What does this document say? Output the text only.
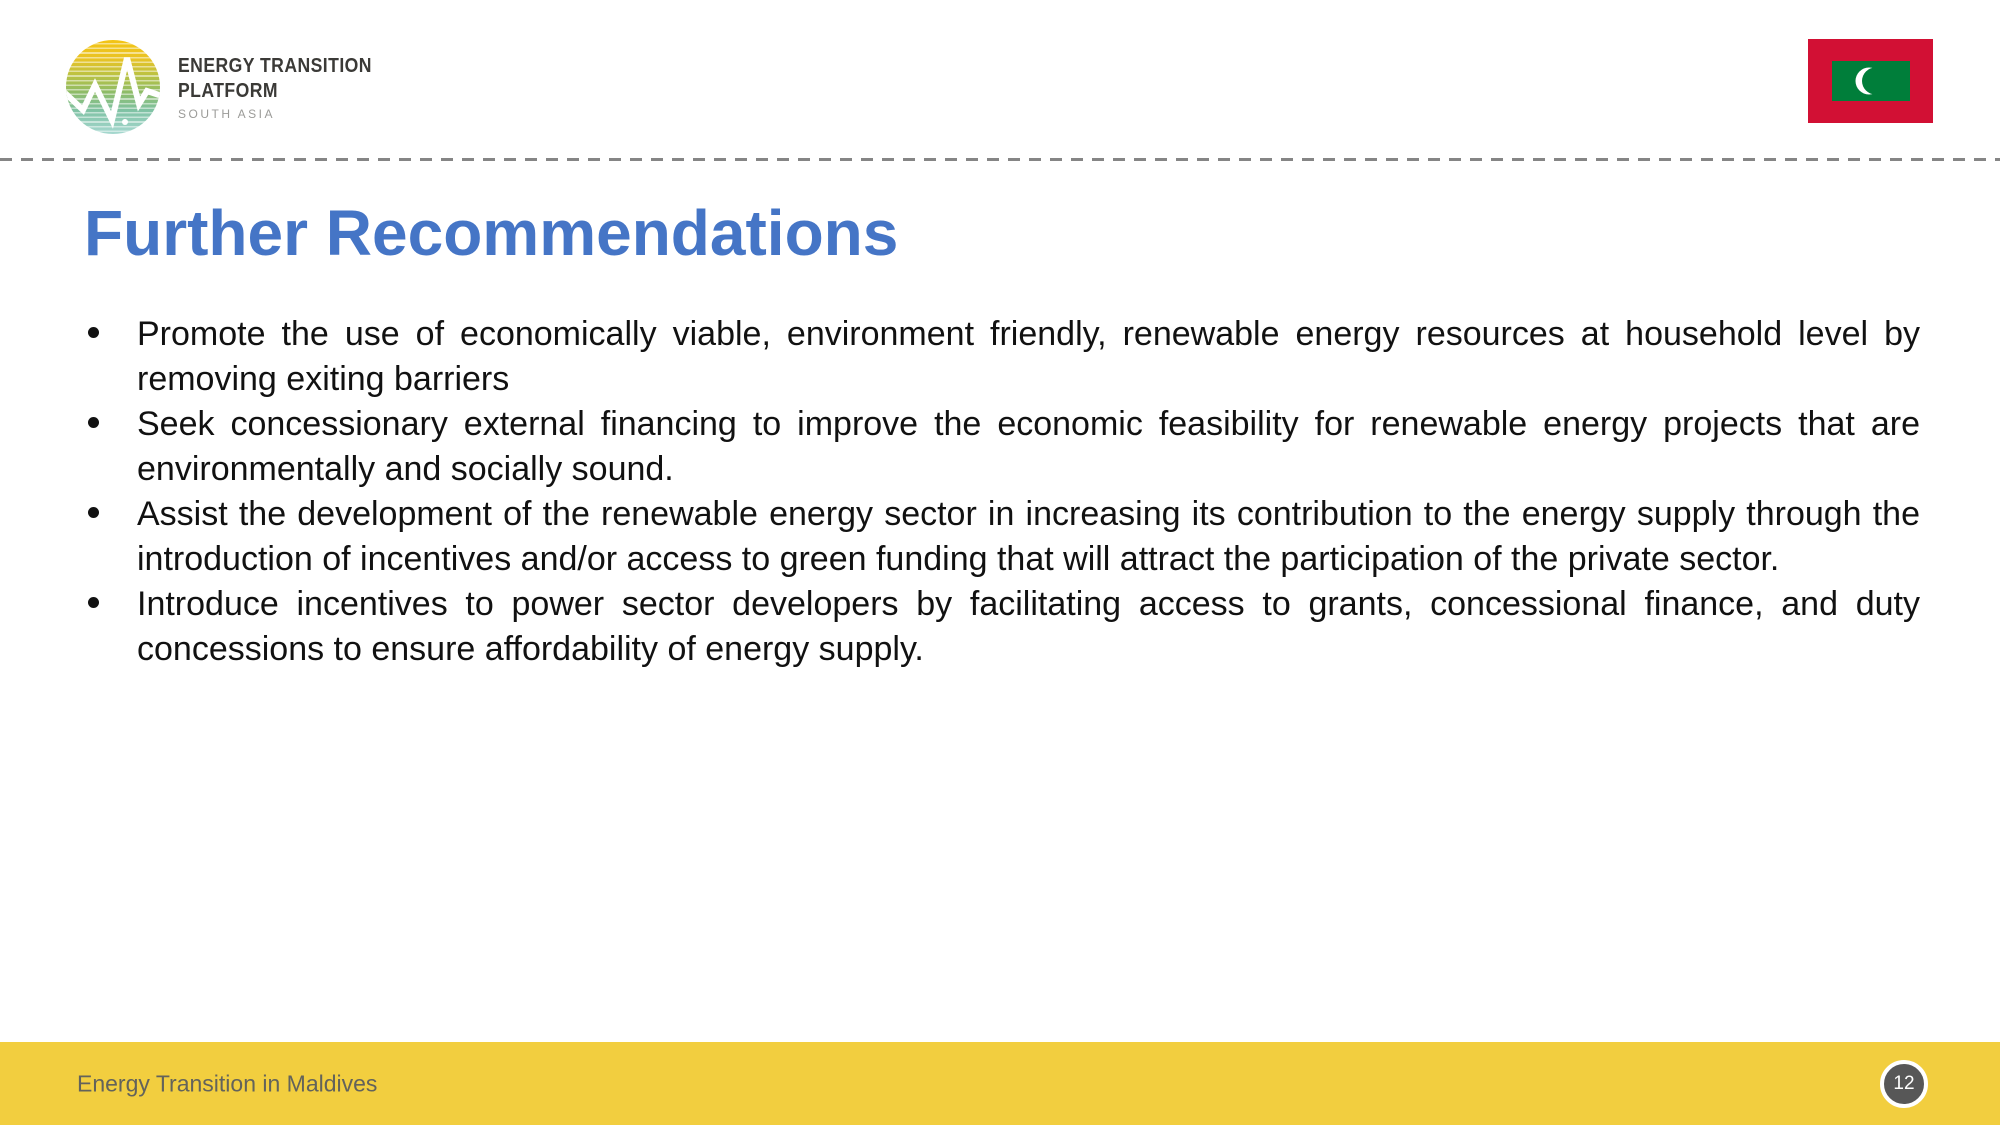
ENERGY TRANSITION
PLATFORM
SOUTH ASIA
Further Recommendations
Promote the use of economically viable, environment friendly, renewable energy resources at household level by removing exiting barriers
Seek concessionary external financing to improve the economic feasibility for renewable energy projects that are environmentally and socially sound.
Assist the development of the renewable energy sector in increasing its contribution to the energy supply through the introduction of incentives and/or access to green funding that will attract the participation of the private sector.
Introduce incentives to power sector developers by facilitating access to grants, concessional finance, and duty concessions to ensure affordability of energy supply.
Energy Transition in Maldives	12
